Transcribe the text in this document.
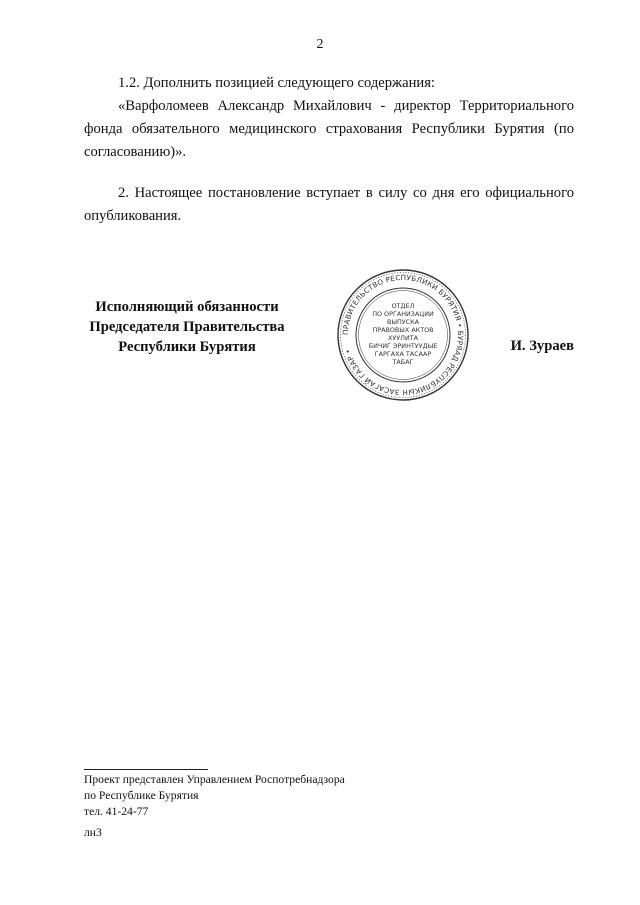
2

1.2. Дополнить позицией следующего содержания:

«Варфоломеев Александр Михайлович - директор Территориального фонда обязательного медицинского страхования Республики Бурятия (по согласованию)».

2. Настоящее постановление вступает в силу со дня его официального опубликования.

Исполняющий обязанности
Председателя Правительства
Республики Бурятия
ПРАВИТЕЛЬСТВО РЕСПУБЛИКИ БУРЯТИЯ • БУРЯАД РЕСПУБЛИКЫН ЗАСАГАЙ ГАЗАР •
ОТДЕЛ
ПО ОРГАНИЗАЦИИ
ВЫПУСКА
ПРАВОВЫХ АКТОВ
ХУУЛИТА
БИЧИГ ЭРИНТУУДЫЕ
ГАРГАХА ТАСААР
ТАБАГ
И. Зураев
Проект представлен Управлением Роспотребнадзора
по Республике Бурятия
тел. 41-24-77
лн3
